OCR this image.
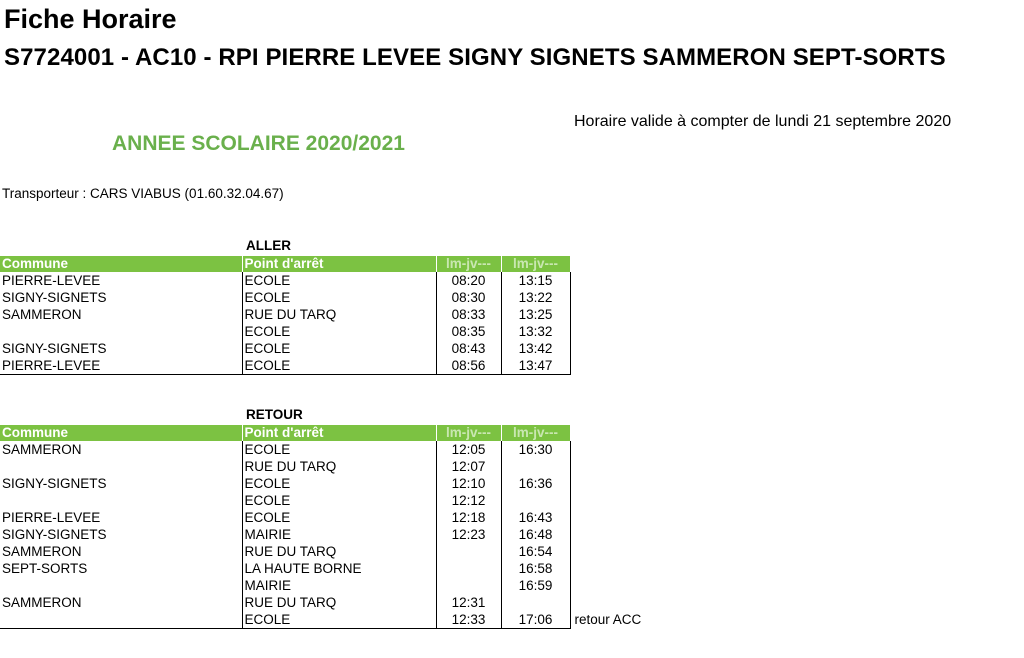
Fiche Horaire
S7724001 - AC10 - RPI PIERRE LEVEE SIGNY SIGNETS SAMMERON SEPT-SORTS
Horaire valide à compter de lundi 21 septembre 2020
ANNEE SCOLAIRE 2020/2021
Transporteur : CARS VIABUS (01.60.32.04.67)
ALLER
Commune	Point d'arrêt	lm-jv---	lm-jv---	
PIERRE-LEVEE	ECOLE	08:20	13:15	
SIGNY-SIGNETS	ECOLE	08:30	13:22	
SAMMERON	RUE DU TARQ	08:33	13:25	
	ECOLE	08:35	13:32	
SIGNY-SIGNETS	ECOLE	08:43	13:42	
PIERRE-LEVEE	ECOLE	08:56	13:47	
RETOUR
Commune	Point d'arrêt	lm-jv---	lm-jv---	
SAMMERON	ECOLE	12:05	16:30	
	RUE DU TARQ	12:07		
SIGNY-SIGNETS	ECOLE	12:10	16:36	
	ECOLE	12:12		
PIERRE-LEVEE	ECOLE	12:18	16:43	
SIGNY-SIGNETS	MAIRIE	12:23	16:48	
SAMMERON	RUE DU TARQ		16:54	
SEPT-SORTS	LA HAUTE BORNE		16:58	
	MAIRIE		16:59	
SAMMERON	RUE DU TARQ	12:31		
	ECOLE	12:33	17:06	retour ACC
